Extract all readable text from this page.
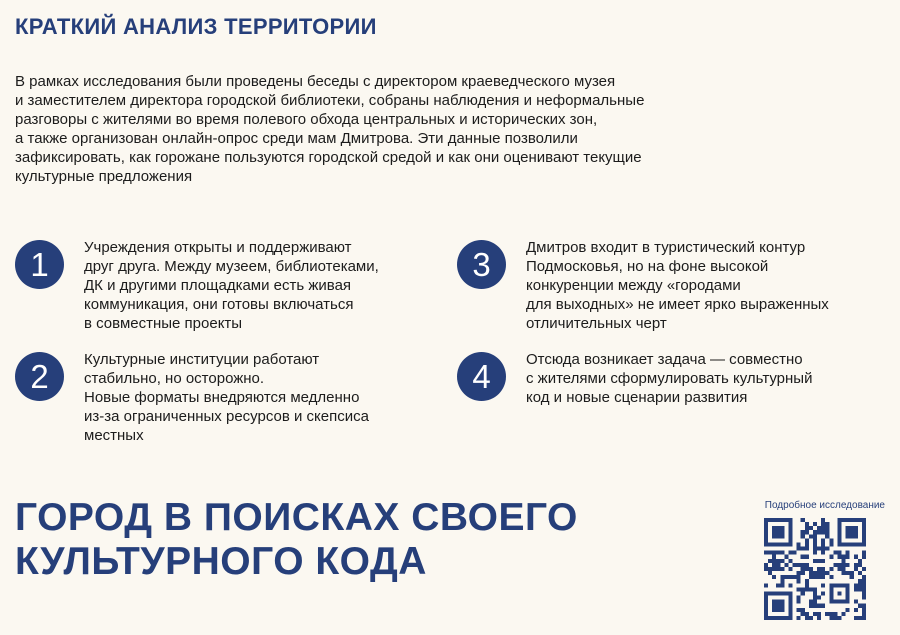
КРАТКИЙ АНАЛИЗ ТЕРРИТОРИИ

В рамках исследования были проведены беседы с директором краеведческого музея
и заместителем директора городской библиотеки, собраны наблюдения и неформальные
разговоры с жителями во время полевого обхода центральных и исторических зон,
а также организован онлайн-опрос среди мам Дмитрова. Эти данные позволили
зафиксировать, как горожане пользуются городской средой и как они оценивают текущие
культурные предложения

1	Учреждения открыты и поддерживают
друг друга. Между музеем, библиотеками,
ДК и другими площадками есть живая
коммуникация, они готовы включаться
в совместные проекты
2	Культурные институции работают
стабильно, но осторожно.
Новые форматы внедряются медленно
из-за ограниченных ресурсов и скепсиса
местных
3	Дмитров входит в туристический контур
Подмосковья, но на фоне высокой
конкуренции между «городами
для выходных» не имеет ярко выраженных
отличительных черт
4	Отсюда возникает задача — совместно
с жителями сформулировать культурный
код и новые сценарии развития
ГОРОД В ПОИСКАХ СВОЕГО
КУЛЬТУРНОГО КОДА
Подробное исследование
